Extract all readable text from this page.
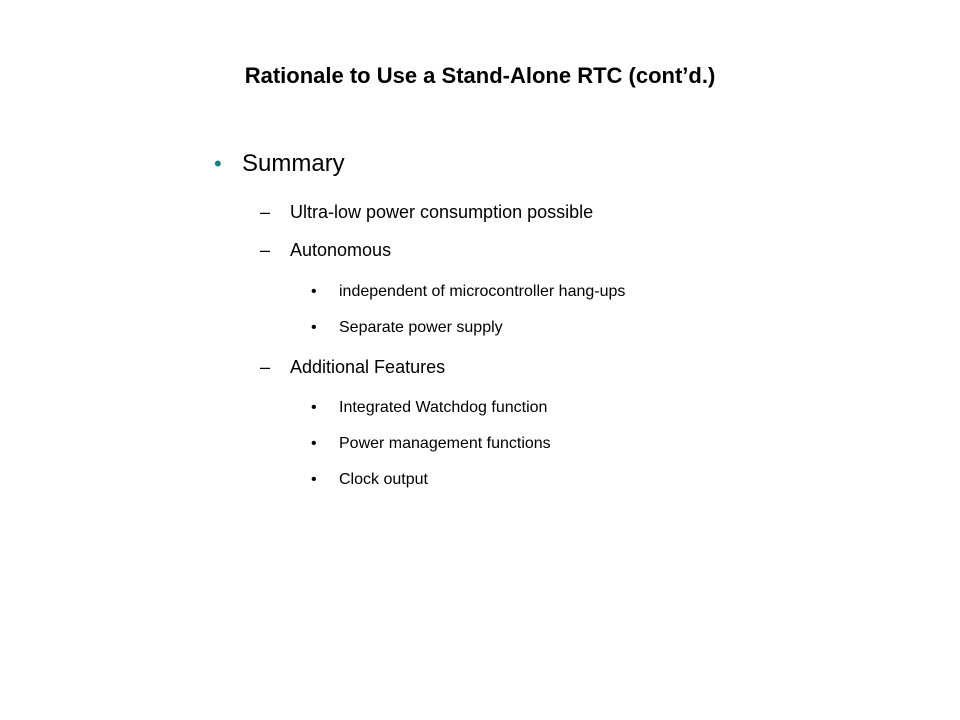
Rationale to Use a Stand-Alone RTC (cont’d.)
• Summary
– Ultra-low power consumption possible
– Autonomous
• independent of microcontroller hang-ups
• Separate power supply
– Additional Features
• Integrated Watchdog function
• Power management functions
• Clock output
